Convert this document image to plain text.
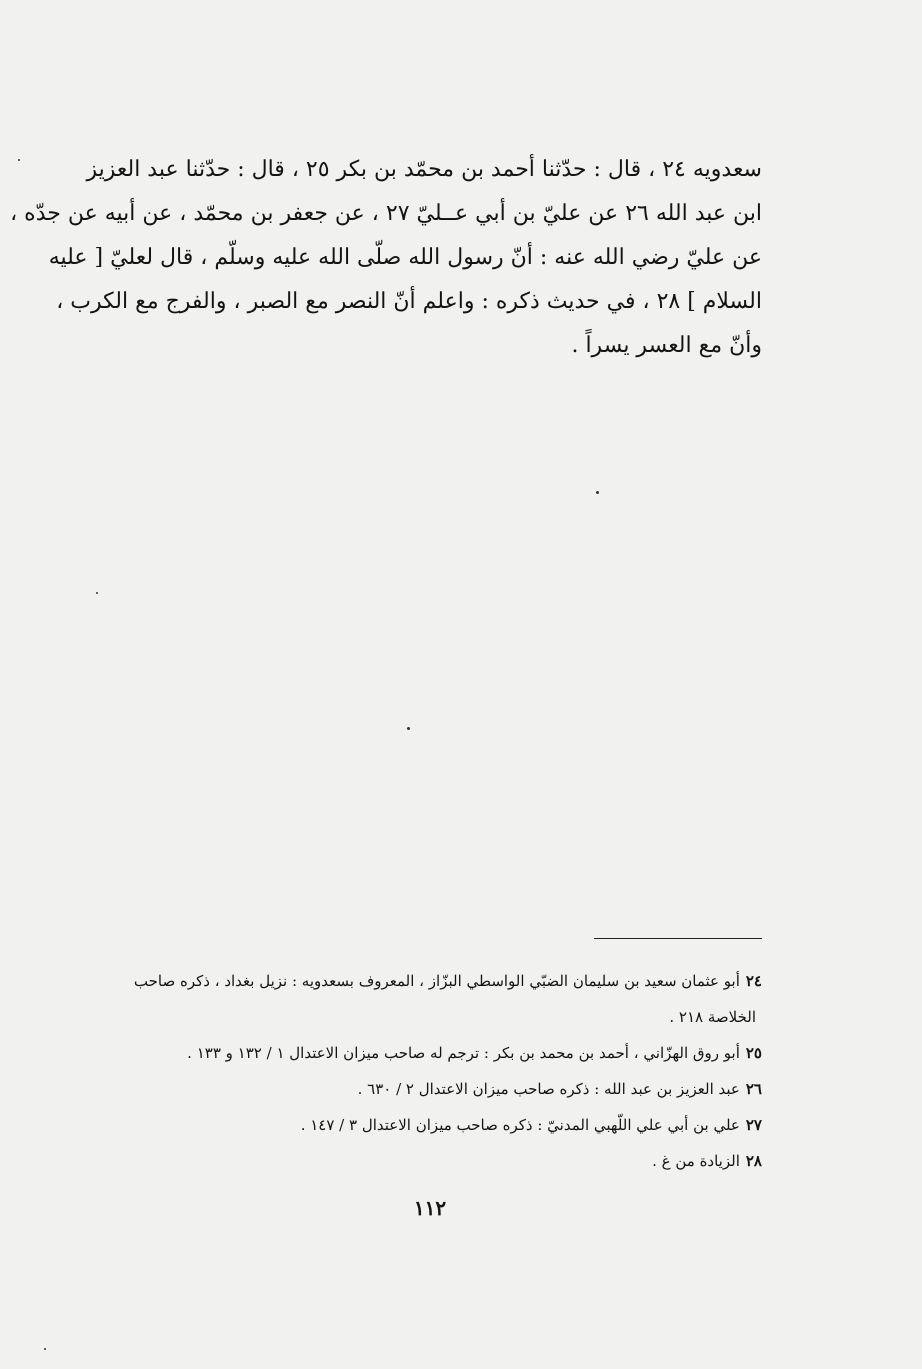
سعدويه ٢٤ ، قال : حدّثنا أحمد بن محمّد بن بكر ٢٥ ، قال : حدّثنا عبد العزيز
ابن عبد الله ٢٦ عن عليّ بن أبي عــليّ ٢٧ ، عن جعفر بن محمّد ، عن أبيه عن جدّه ،
عن عليّ رضي الله عنه : أنّ رسول الله صلّى الله عليه وسلّم ، قال لعليّ [ عليه
السلام ] ٢٨ ، في حديث ذكره : واعلم أنّ النصر مع الصبر ، والفرج مع الكرب ،
وأنّ مع العسر يسراً .
٢٤أبو عثمان سعيد بن سليمان الضبّي الواسطي البزّاز ، المعروف بسعدويه : نزيل بغداد ، ذكره صاحب
الخلاصة ٢١٨ .
٢٥أبو روق الهزّاني ، أحمد بن محمد بن بكر : ترجم له صاحب ميزان الاعتدال ١ / ١٣٢ و ١٣٣ .
٢٦عبد العزيز بن عبد الله : ذكره صاحب ميزان الاعتدال ٢ / ٦٣٠ .
٢٧علي بن أبي علي اللّهبي المدنيّ : ذكره صاحب ميزان الاعتدال ٣ / ١٤٧ .
٢٨الزيادة من غ .
١١٢
